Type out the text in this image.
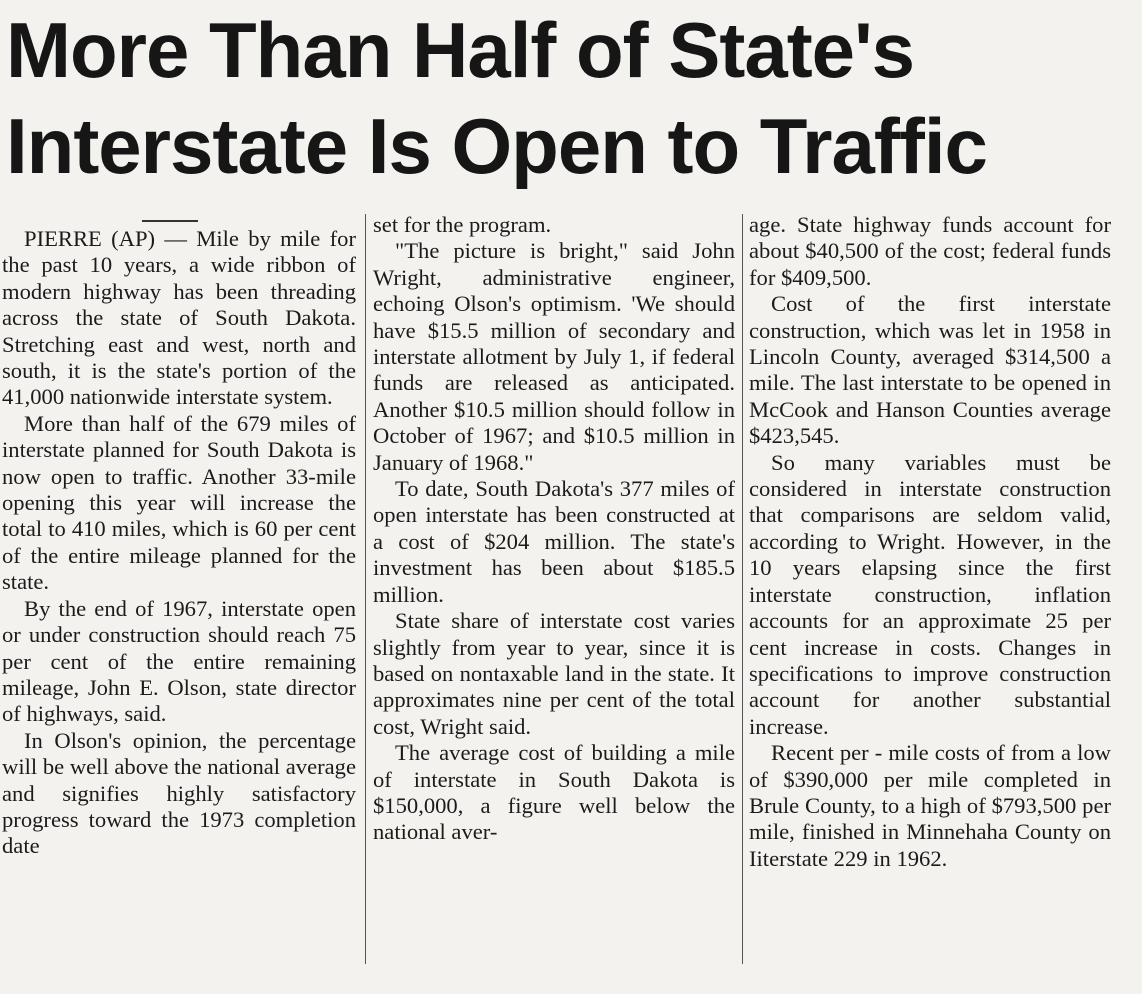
More Than Half of State's
Interstate Is Open to Traffic

PIERRE (AP) — Mile by mile for the past 10 years, a wide ribbon of modern highway has been threading across the state of South Dakota. Stretching east and west, north and south, it is the state's portion of the 41,000 nationwide interstate system.

More than half of the 679 miles of interstate planned for South Dakota is now open to traffic. Another 33-mile opening this year will increase the total to 410 miles, which is 60 per cent of the entire mileage planned for the state.

By the end of 1967, interstate open or under construction should reach 75 per cent of the entire remaining mileage, John E. Olson, state director of highways, said.

In Olson's opinion, the percentage will be well above the national average and signifies highly satisfactory progress toward the 1973 completion date

set for the program.

"The picture is bright," said John Wright, administrative engineer, echoing Olson's optimism. 'We should have $15.5 million of secondary and interstate allotment by July 1, if federal funds are released as anticipated. Another $10.5 million should follow in October of 1967; and $10.5 million in January of 1968."

To date, South Dakota's 377 miles of open interstate has been constructed at a cost of $204 million. The state's investment has been about $185.5 million.

State share of interstate cost varies slightly from year to year, since it is based on nontaxable land in the state. It approximates nine per cent of the total cost, Wright said.

The average cost of building a mile of interstate in South Dakota is $150,000, a figure well below the national aver-

age. State highway funds account for about $40,500 of the cost; federal funds for $409,500.

Cost of the first interstate construction, which was let in 1958 in Lincoln County, averaged $314,500 a mile. The last interstate to be opened in McCook and Hanson Counties average $423,545.

So many variables must be considered in interstate construction that comparisons are seldom valid, according to Wright. However, in the 10 years elapsing since the first interstate construction, inflation accounts for an approximate 25 per cent increase in costs. Changes in specifications to improve construction account for another substantial increase.

Recent per - mile costs of from a low of $390,000 per mile completed in Brule County, to a high of $793,500 per mile, finished in Minnehaha County on Iiterstate 229 in 1962.
